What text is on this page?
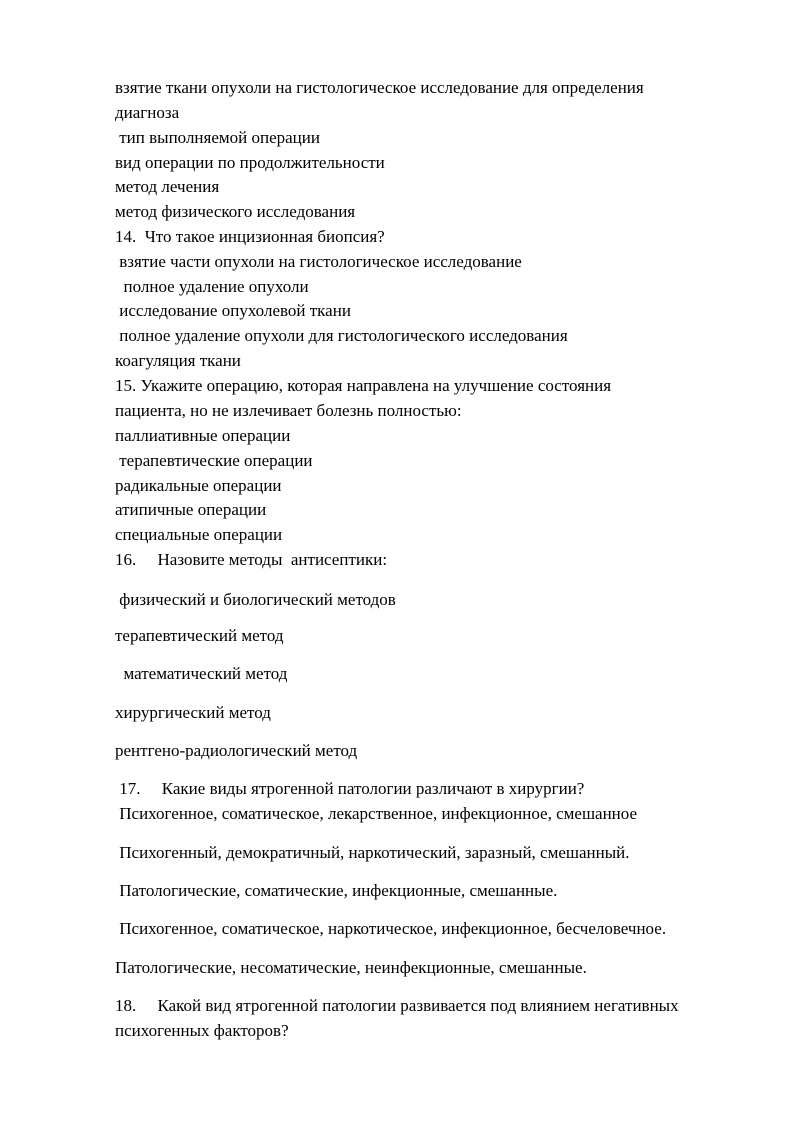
взятие ткани опухоли на гистологическое исследование для определения

диагноза

тип выполняемой операции

вид операции по продолжительности

метод лечения

метод физического исследования

14.  Что такое инцизионная биопсия?

взятие части опухоли на гистологическое исследование

полное удаление опухоли

исследование опухолевой ткани

полное удаление опухоли для гистологического исследования

коагуляция ткани

15. Укажите операцию, которая направлена на улучшение состояния

пациента, но не излечивает болезнь полностью:

паллиативные операции

терапевтические операции

радикальные операции

атипичные операции

специальные операции

16.     Назовите методы  антисептики:

физический и биологический методов

терапевтический метод

математический метод

хирургический метод

рентгено-радиологический метод

17.     Какие виды ятрогенной патологии различают в хирургии?

Психогенное, соматическое, лекарственное, инфекционное, смешанное

Психогенный, демократичный, наркотический, заразный, смешанный.

Патологические, соматические, инфекционные, смешанные.

Психогенное, соматическое, наркотическое, инфекционное, бесчеловечное.

Патологические, несоматические, неинфекционные, смешанные.

18.     Какой вид ятрогенной патологии развивается под влиянием негативных

психогенных факторов?
